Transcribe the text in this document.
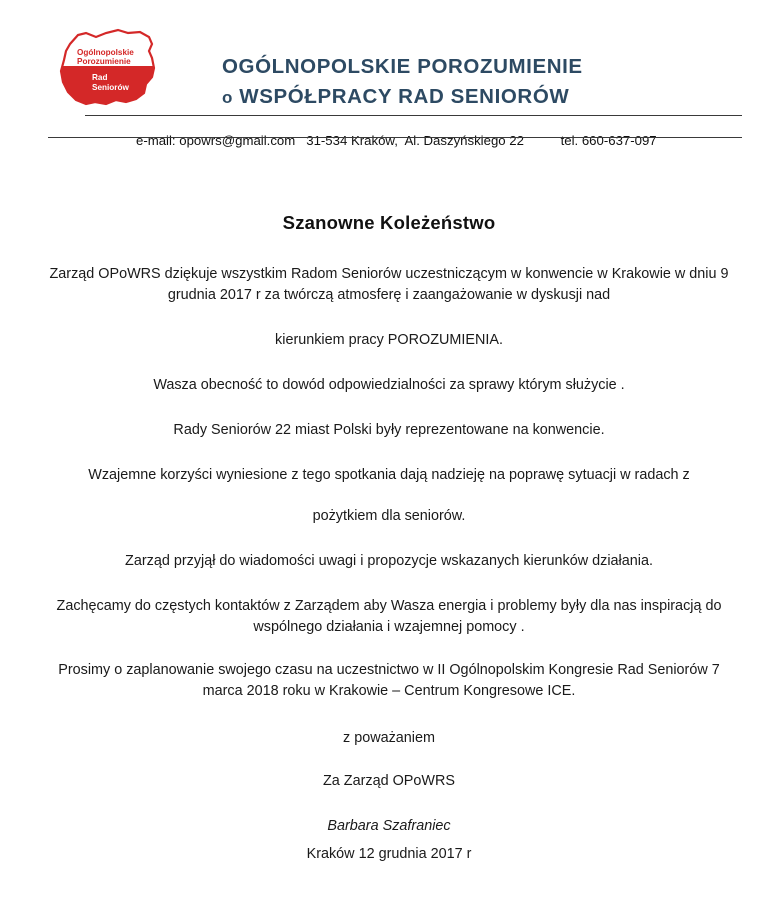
Ogólnopolskie
Porozumienie
Rad
Seniorów
OGÓLNOPOLSKIE POROZUMIENIE
o WSPÓŁPRACY RAD SENIORÓW

e-mail: opowrs@gmail.com   31-534 Kraków,  Al. Daszyńskiego 22          tel. 660-637-097

Szanowne Koleżeństwo
Zarząd OPoWRS dziękuje wszystkim Radom Seniorów uczestniczącym w konwencie w Krakowie w dniu 9 grudnia 2017 r za twórczą atmosferę i zaangażowanie w dyskusji nad
kierunkiem pracy POROZUMIENIA.
Wasza obecność to dowód odpowiedzialności za sprawy którym służycie .
Rady Seniorów 22 miast Polski były reprezentowane na konwencie.
Wzajemne korzyści wyniesione z tego spotkania dają nadzieję na poprawę sytuacji w radach z
pożytkiem dla seniorów.
Zarząd przyjął do wiadomości uwagi i propozycje wskazanych kierunków działania.
Zachęcamy do częstych kontaktów z Zarządem aby Wasza energia i problemy były dla nas inspiracją do wspólnego działania i wzajemnej pomocy .
Prosimy o zaplanowanie swojego czasu na uczestnictwo w II Ogólnopolskim Kongresie Rad Seniorów 7 marca 2018 roku w Krakowie – Centrum Kongresowe ICE.
z poważaniem
Za Zarząd OPoWRS
Barbara Szafraniec
Kraków 12 grudnia 2017 r
